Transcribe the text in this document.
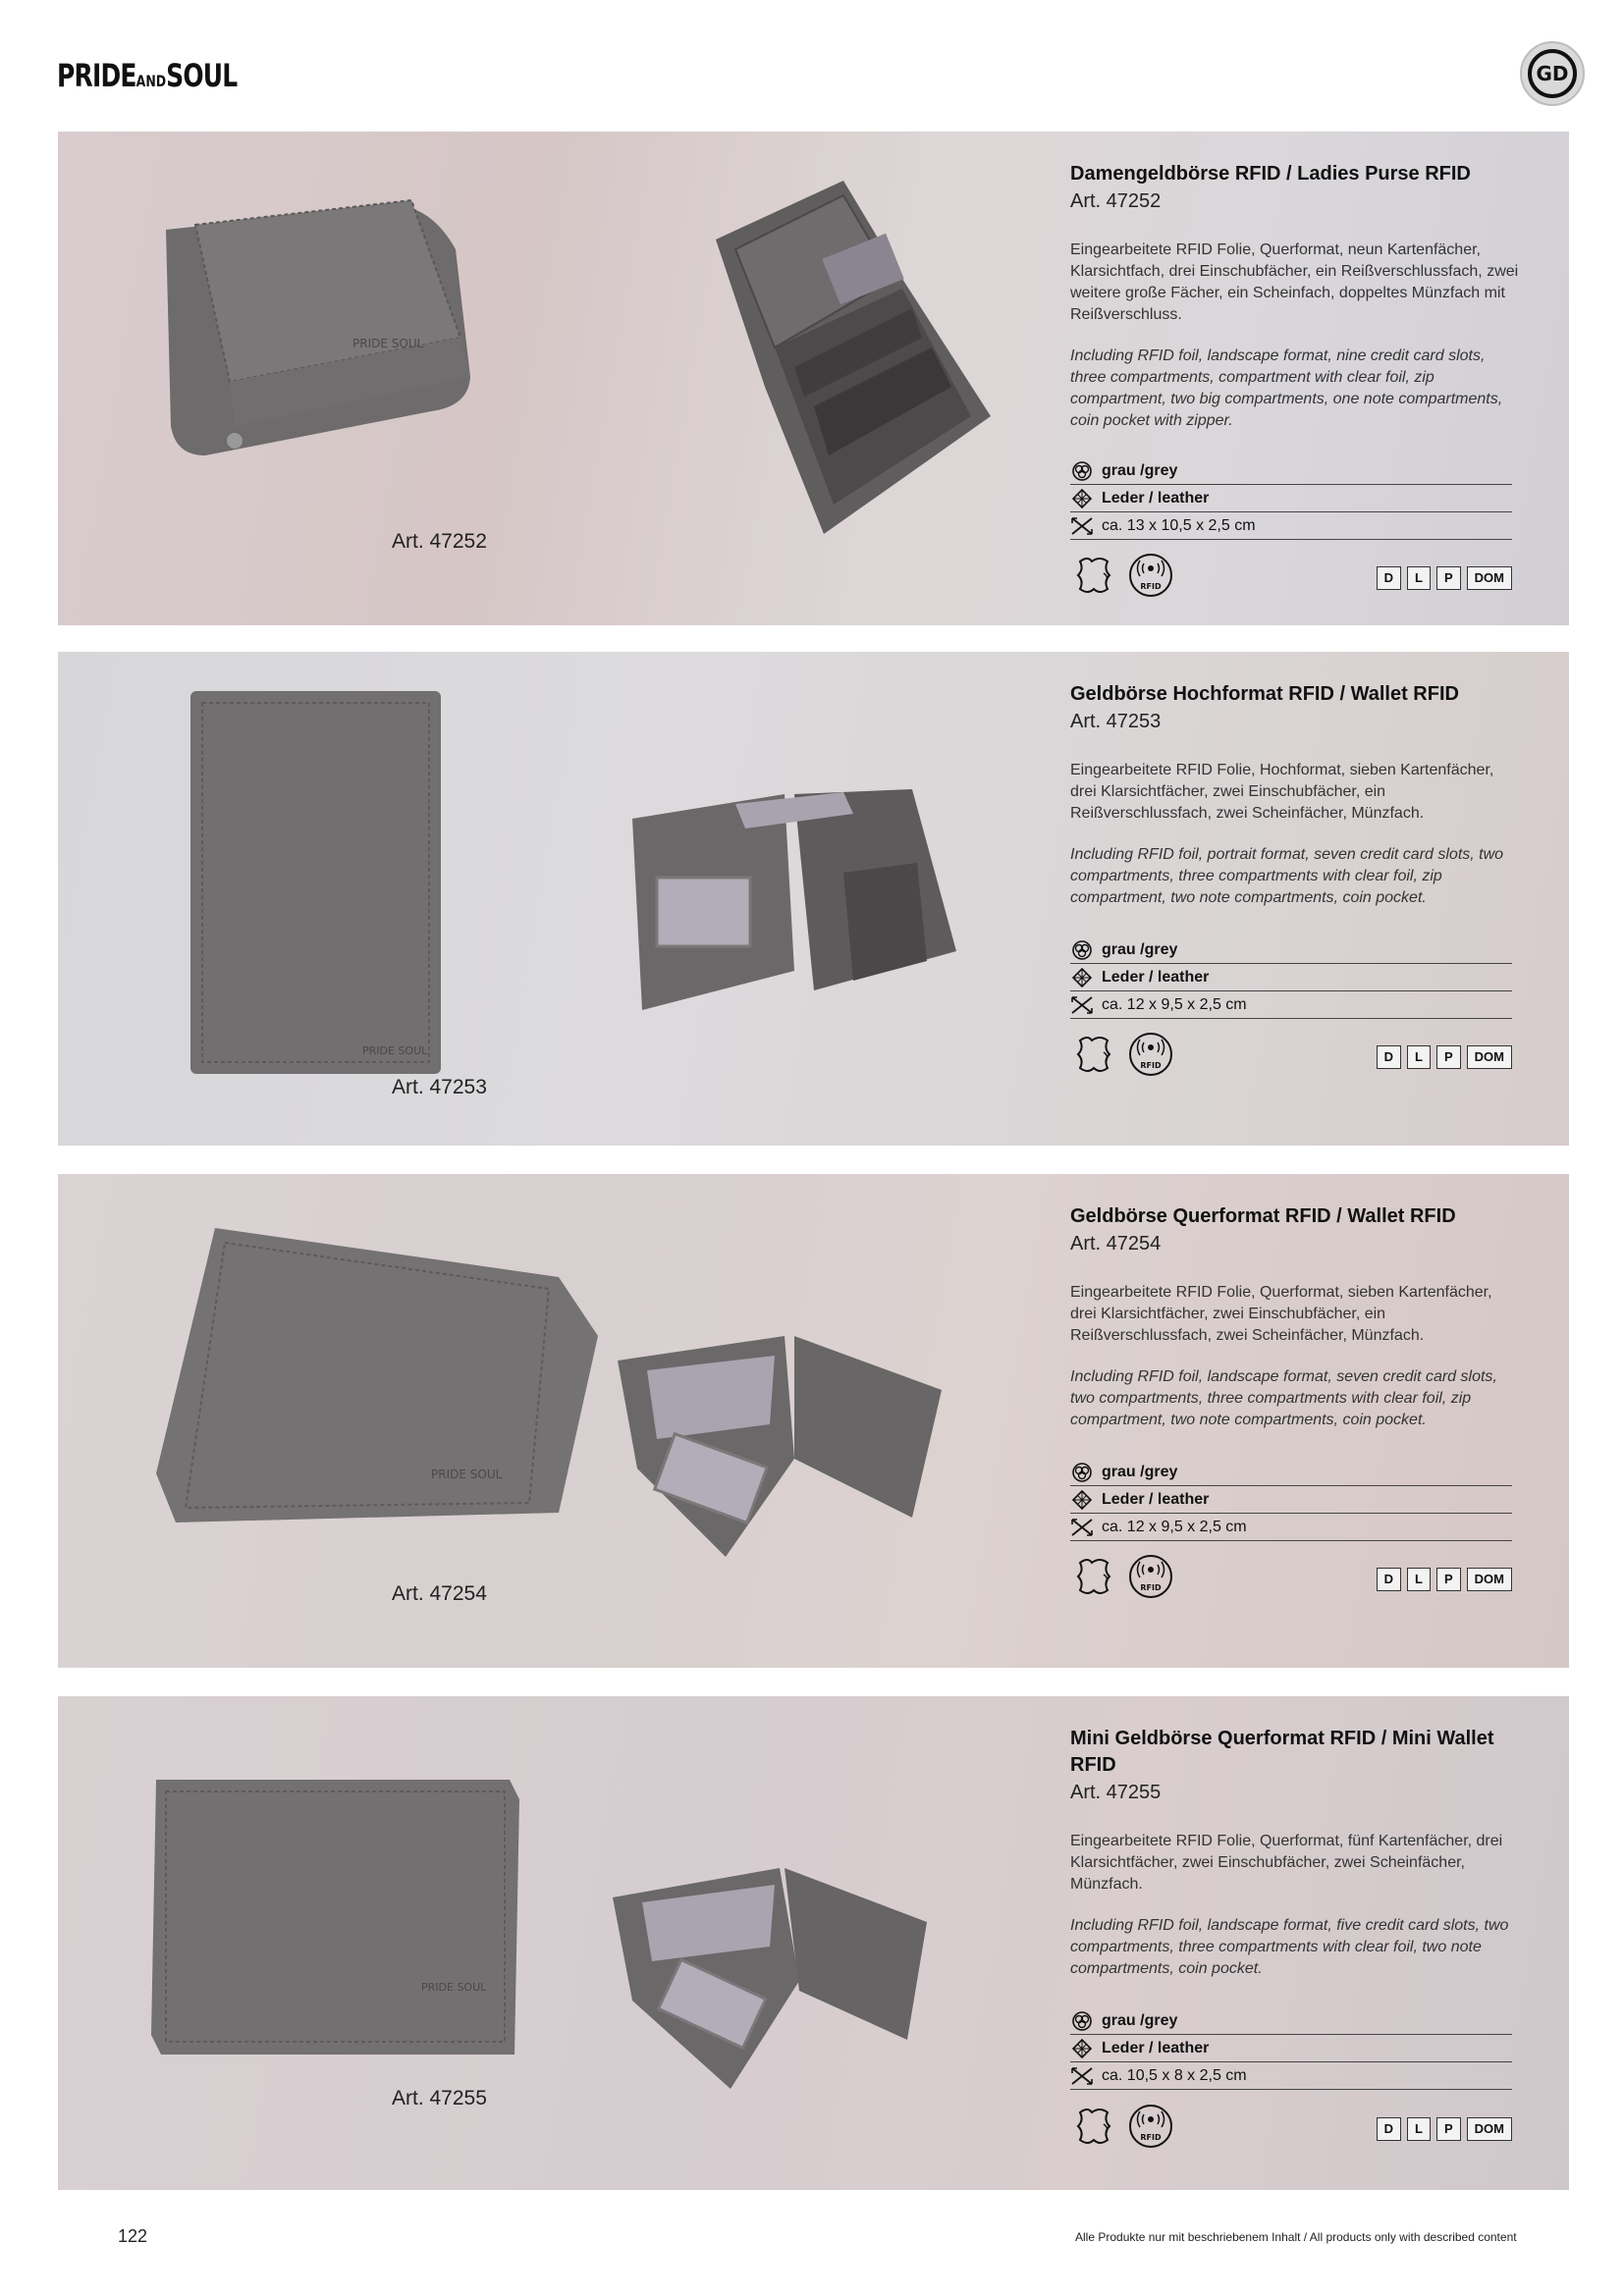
PRIDEANDSOUL	GD
PRIDE SOUL
Art. 47252
Damengeldbörse RFID / Ladies Purse RFID
Art. 47252
Eingearbeitete RFID Folie, Querformat, neun Kartenfächer, Klarsichtfach, drei Einschubfächer, ein Reißverschlussfach, zwei weitere große Fächer, ein Scheinfach, doppeltes Münzfach mit Reißverschluss.
Including RFID foil, landscape format, nine credit card slots, three compartments, compartment with clear foil, zip compartment, two big compartments, one note compartments, coin pocket with zipper.
grau /grey
Leder / leather
ca. 13 x 10,5 x 2,5 cm
RFID
D	L	P	DOM
PRIDE SOUL
Art. 47253
Geldbörse Hochformat RFID / Wallet RFID
Art. 47253
Eingearbeitete RFID Folie, Hochformat, sieben Kartenfächer, drei Klarsichtfächer, zwei Einschubfächer, ein Reißverschlussfach, zwei Scheinfächer, Münzfach.
Including RFID foil, portrait format, seven credit card slots, two compartments, three compartments with clear foil, zip compartment, two note compartments, coin pocket.
grau /grey
Leder / leather
ca. 12 x 9,5 x 2,5 cm
RFID
D	L	P	DOM
PRIDE SOUL
Art. 47254
Geldbörse Querformat RFID / Wallet RFID
Art. 47254
Eingearbeitete RFID Folie, Querformat, sieben Kartenfächer, drei Klarsichtfächer, zwei Einschubfächer, ein Reißverschlussfach, zwei Scheinfächer, Münzfach.
Including RFID foil, landscape format, seven credit card slots, two compartments, three compartments with clear foil, zip compartment, two note compartments, coin pocket.
grau /grey
Leder / leather
ca. 12 x 9,5 x 2,5 cm
RFID
D	L	P	DOM
PRIDE SOUL
Art. 47255
Mini Geldbörse Querformat RFID / Mini Wallet RFID
Art. 47255
Eingearbeitete RFID Folie, Querformat, fünf Kartenfächer, drei Klarsichtfächer, zwei Einschubfächer, zwei Scheinfächer, Münzfach.
Including RFID foil, landscape format, five credit card slots, two compartments, three compartments with clear foil, two note compartments, coin pocket.
grau /grey
Leder / leather
ca. 10,5 x 8 x 2,5 cm
RFID
D	L	P	DOM
122	Alle Produkte nur mit beschriebenem Inhalt / All products only with described content
